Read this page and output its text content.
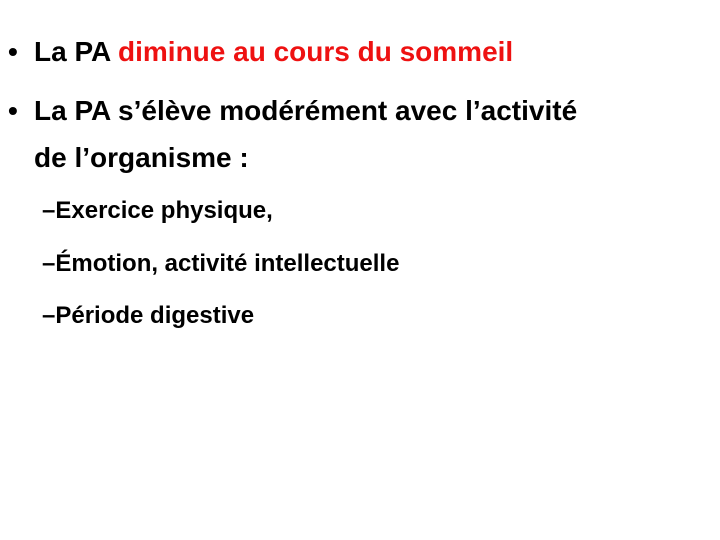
• La PA diminue au cours du sommeil
• La PA s’élève modérément avec l’activité
de l’organisme :
–Exercice physique,
–Émotion, activité intellectuelle
–Période digestive
